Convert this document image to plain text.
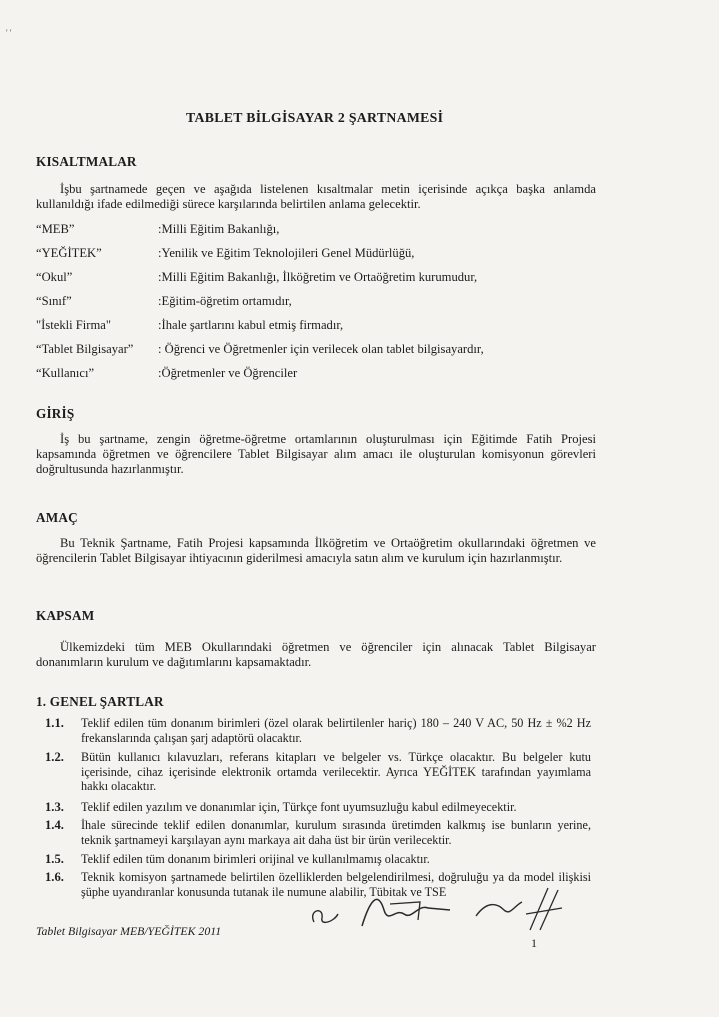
' '
TABLET BİLGİSAYAR 2 ŞARTNAMESİ
KISALTMALAR
İşbu şartnamede geçen ve aşağıda listelenen kısaltmalar metin içerisinde açıkça başka anlamda kullanıldığı ifade edilmediği sürece karşılarında belirtilen anlama gelecektir.
“MEB”	:Milli Eğitim Bakanlığı,
“YEĞİTEK”	:Yenilik ve Eğitim Teknolojileri Genel Müdürlüğü,
“Okul”	:Milli Eğitim Bakanlığı, İlköğretim ve Ortaöğretim kurumudur,
“Sınıf”	:Eğitim-öğretim ortamıdır,
"İstekli Firma"	:İhale şartlarını kabul etmiş firmadır,
“Tablet Bilgisayar” : Öğrenci ve Öğretmenler için verilecek olan tablet bilgisayardır,
“Kullanıcı”	:Öğretmenler ve Öğrenciler
GİRİŞ
İş bu şartname, zengin öğretme-öğretme ortamlarının oluşturulması için Eğitimde Fatih Projesi kapsamında öğretmen ve öğrencilere Tablet Bilgisayar alım amacı ile oluşturulan komisyonun görevleri doğrultusunda hazırlanmıştır.
AMAÇ
Bu Teknik Şartname, Fatih Projesi kapsamında İlköğretim ve Ortaöğretim okullarındaki öğretmen ve öğrencilerin Tablet Bilgisayar ihtiyacının giderilmesi amacıyla satın alım ve kurulum için hazırlanmıştır.
KAPSAM
Ülkemizdeki tüm MEB Okullarındaki öğretmen ve öğrenciler için alınacak Tablet Bilgisayar donanımların kurulum ve dağıtımlarını kapsamaktadır.
1. GENEL ŞARTLAR
1.1. Teklif edilen tüm donanım birimleri (özel olarak belirtilenler hariç) 180 – 240 V AC, 50 Hz ± %2 Hz frekanslarında çalışan şarj adaptörü olacaktır.
1.2. Bütün kullanıcı kılavuzları, referans kitapları ve belgeler vs. Türkçe olacaktır. Bu belgeler kutu içerisinde, cihaz içerisinde elektronik ortamda verilecektir. Ayrıca YEĞİTEK tarafından yayımlama hakkı olacaktır.
1.3. Teklif edilen yazılım ve donanımlar için, Türkçe font uyumsuzluğu kabul edilmeyecektir.
1.4. İhale sürecinde teklif edilen donanımlar, kurulum sırasında üretimden kalkmış ise bunların yerine, teknik şartnameyi karşılayan aynı markaya ait daha üst bir ürün verilecektir.
1.5. Teklif edilen tüm donanım birimleri orijinal ve kullanılmamış olacaktır.
1.6. Teknik komisyon şartnamede belirtilen özelliklerden belgelendirilmesi, doğruluğu ya da model ilişkisi şüphe uyandıranlar konusunda tutanak ile numune alabilir, Tübitak ve TSE
Tablet Bilgisayar MEB/YEĞİTEK 2011
1
